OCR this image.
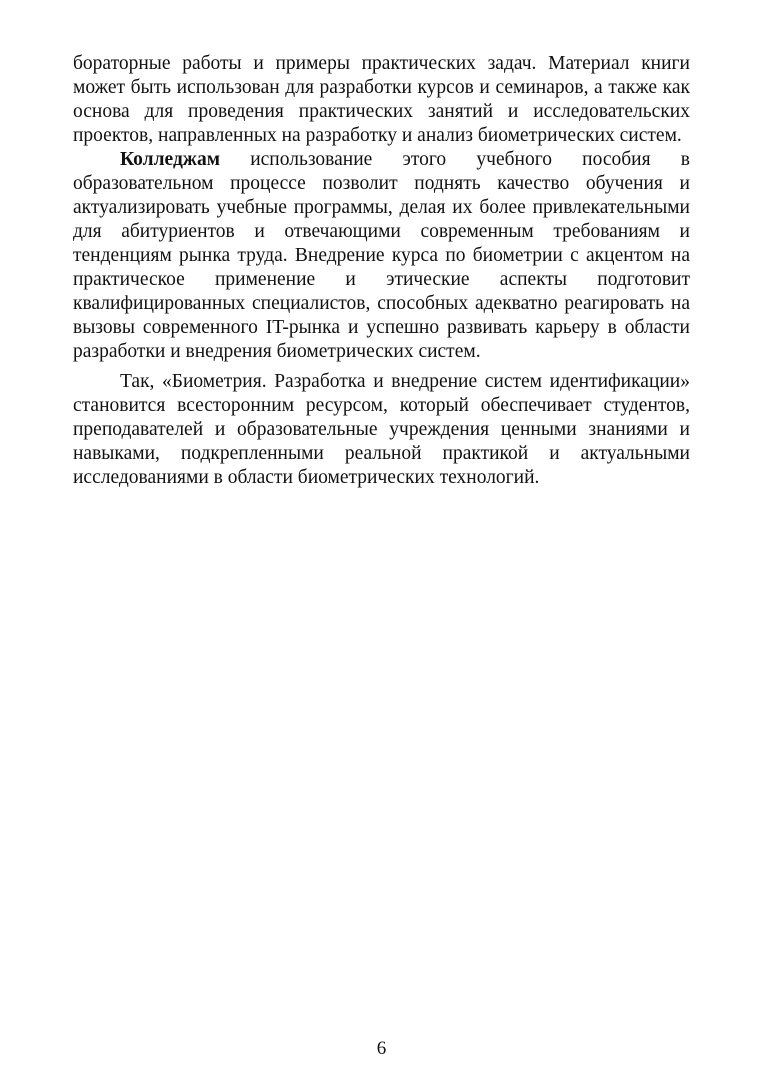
бораторные работы и примеры практических задач. Материал книги может быть использован для разработки курсов и семинаров, а также как основа для проведения практических занятий и исследовательских проектов, направленных на разработку и анализ биометрических систем.

Колледжам использование этого учебного пособия в образовательном процессе позволит поднять качество обучения и актуализировать учебные программы, делая их более привлекательными для абитуриентов и отвечающими современным требованиям и тенденциям рынка труда. Внедрение курса по биометрии с акцентом на практическое применение и этические аспекты подготовит квалифицированных специалистов, способных адекватно реагировать на вызовы современного IT-рынка и успешно развивать карьеру в области разработки и внедрения биометрических систем.

Так, «Биометрия. Разработка и внедрение систем идентификации» становится всесторонним ресурсом, который обеспечивает студентов, преподавателей и образовательные учреждения ценными знаниями и навыками, подкрепленными реальной практикой и актуальными исследованиями в области биометрических технологий.

6
